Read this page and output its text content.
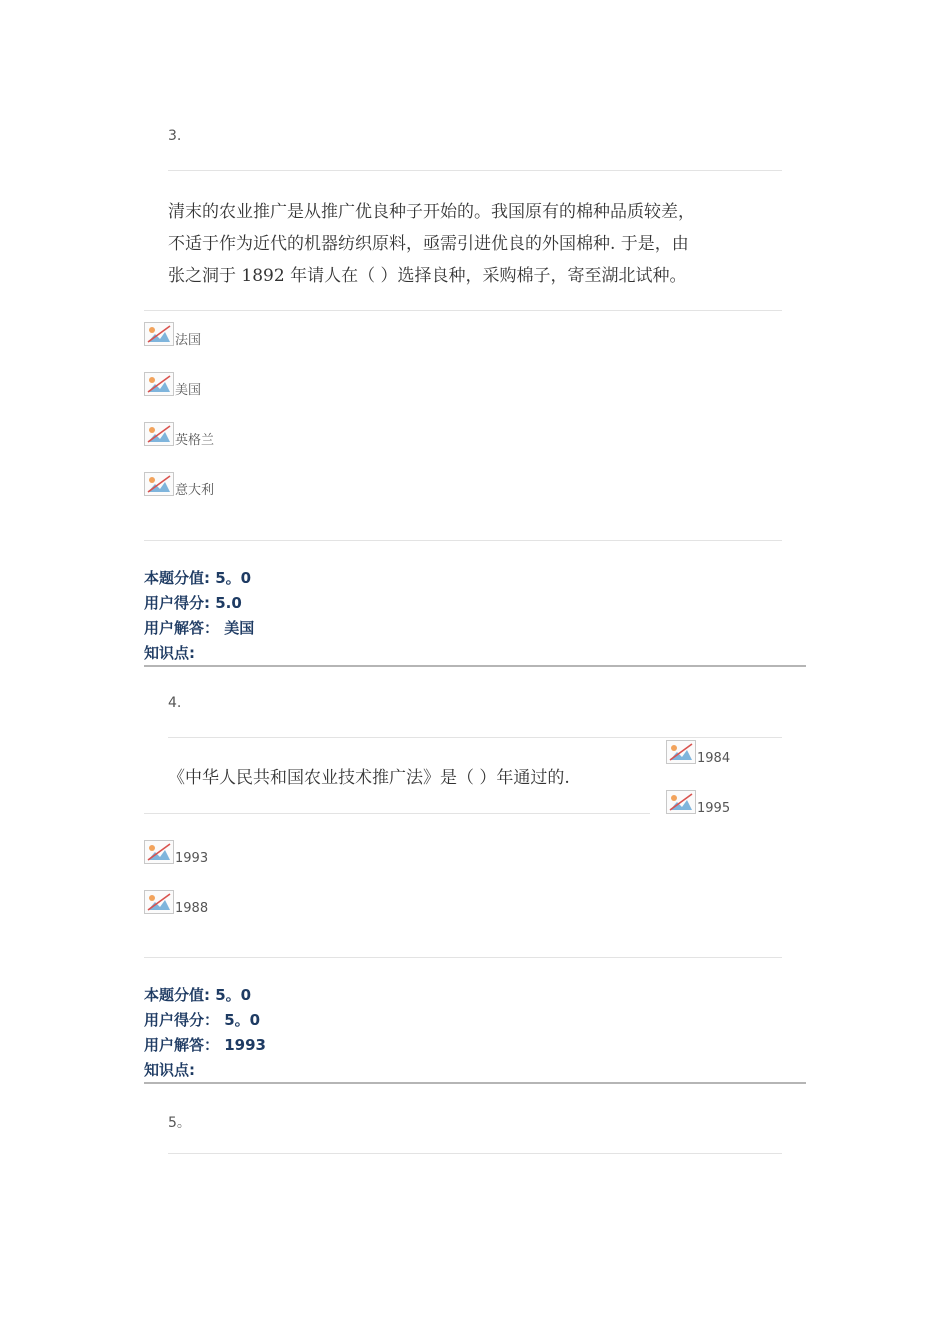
3.
清末的农业推广是从推广优良种子开始的。我国原有的棉种品质较差，
不适于作为近代的机器纺织原料，亟需引进优良的外国棉种. 于是，由
张之洞于 1892 年请人在（ ）选择良种，采购棉子，寄至湖北试种。
法国
美国
英格兰
意大利
本题分值: 5。0
用户得分: 5.0
用户解答： 美国
知识点:
4.
《中华人民共和国农业技术推广法》是（ ）年通过的.
1984
1995
1993
1988
本题分值: 5。0
用户得分： 5。0
用户解答： 1993
知识点:
5。
